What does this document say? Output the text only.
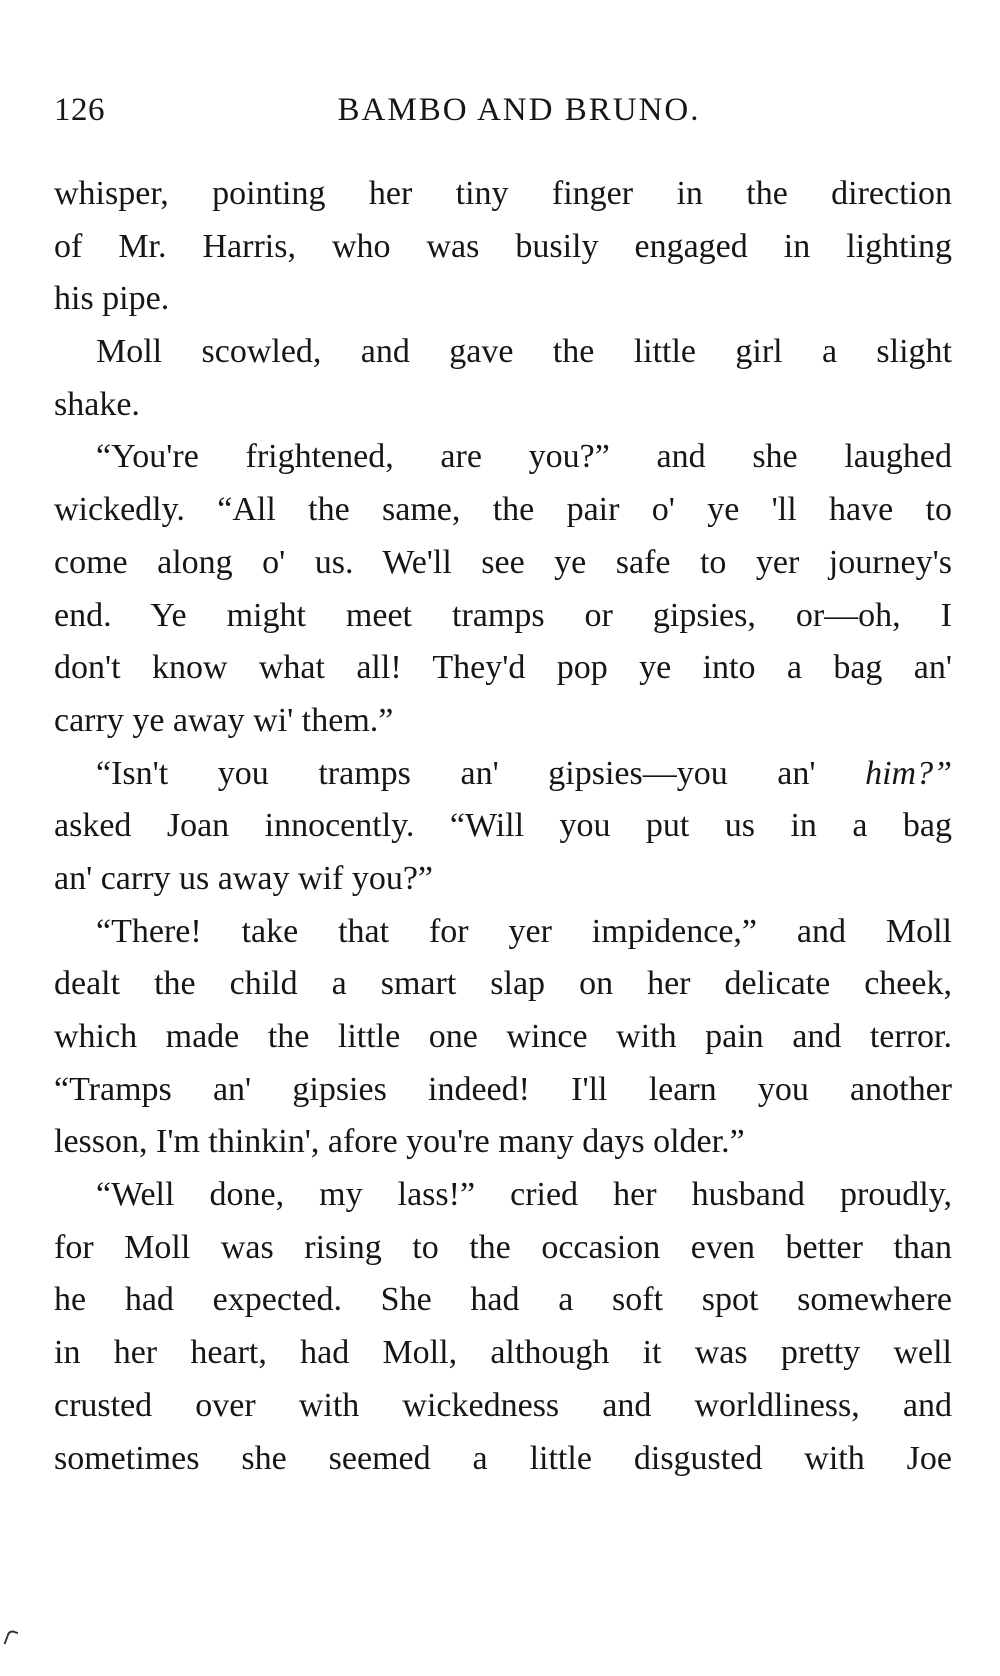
126	BAMBO AND BRUNO.
whisper, pointing her tiny finger in the direction
of Mr. Harris, who was busily engaged in lighting
his pipe.
Moll scowled, and gave the little girl a slight
shake.
“You're frightened, are you?” and she laughed
wickedly. “All the same, the pair o' ye 'll have to
come along o' us. We'll see ye safe to yer journey's
end. Ye might meet tramps or gipsies, or—oh, I
don't know what all! They'd pop ye into a bag an'
carry ye away wi' them.”
“Isn't you tramps an' gipsies—you an' him?”
asked Joan innocently. “Will you put us in a bag
an' carry us away wif you?”
“There! take that for yer impidence,” and Moll
dealt the child a smart slap on her delicate cheek,
which made the little one wince with pain and terror.
“Tramps an' gipsies indeed! I'll learn you another
lesson, I'm thinkin', afore you're many days older.”
“Well done, my lass!” cried her husband proudly,
for Moll was rising to the occasion even better than
he had expected. She had a soft spot somewhere
in her heart, had Moll, although it was pretty well
crusted over with wickedness and worldliness, and
sometimes she seemed a little disgusted with Joe
